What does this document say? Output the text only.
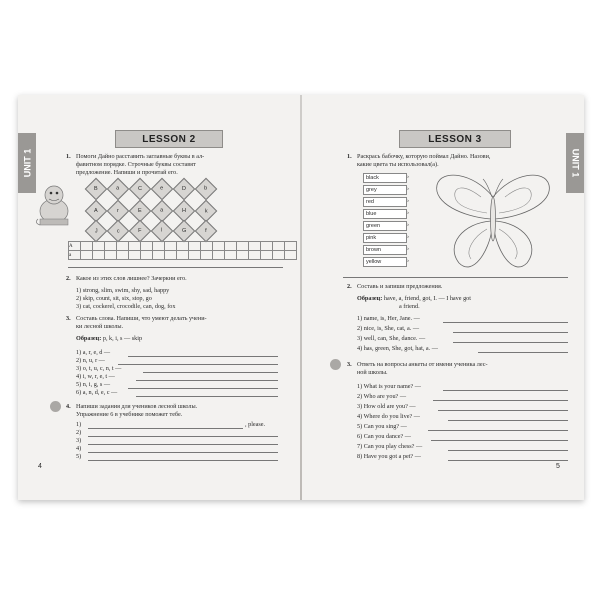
UNIT 1
LESSON 2
1. Помоги Дайно расставить заглавные буквы в ал-
фавитном порядке. Строчные буквы составят
предложение. Напиши и прочитай его.
B	a	C	e	D	b
A	r	E	a	H	k
J	c	F	l	G	f
A																		
a																		
2. Какое из этих слов лишнее? Зачеркни его.
1) strong, slim, swim, shy, sad, happy
2) skip, count, sit, six, stop, go
3) cat, cockerel, crocodile, can, dog, fox
3. Составь слова. Напиши, что умеют делать учени-
ки лесной школы.
Образец: p, k, i, s — skip
1) a, r, e, d —
2) n, u, r —
3) o, t, u, c, n, t —
4) i, w, r, e, t —
5) n, i, g, s —
6) a, n, d, e, c —
4. Напиши задания для учеников лесной школы.
Упражнение 6 в учебнике поможет тебе.
1)	, please.
2)
3)
4)
5)
4
UNIT 1
LESSON 3
1. Раскрась бабочку, которую поймал Дайно. Назови,
какие цвета ты использовал(а).
black	›
grey	›
red	›
blue	›
green	›
pink	›
brown	›
yellow	›
2. Составь и запиши предложения.
Образец: have, a, friend, got, I. — I have got
a friend.
1) name, is, Her, Jane. —
2) nice, is, She, cat, a. —
3) well, can, She, dance. —
4) has, green, She, got, hat, a. —
3. Ответь на вопросы анкеты от имени ученика лес-
ной школы.
1) What is your name? —
2) Who are you? —
3) How old are you? —
4) Where do you live? —
5) Can you sing? —
6) Can you dance? —
7) Can you play chess? —
8) Have you got a pet? —
5
